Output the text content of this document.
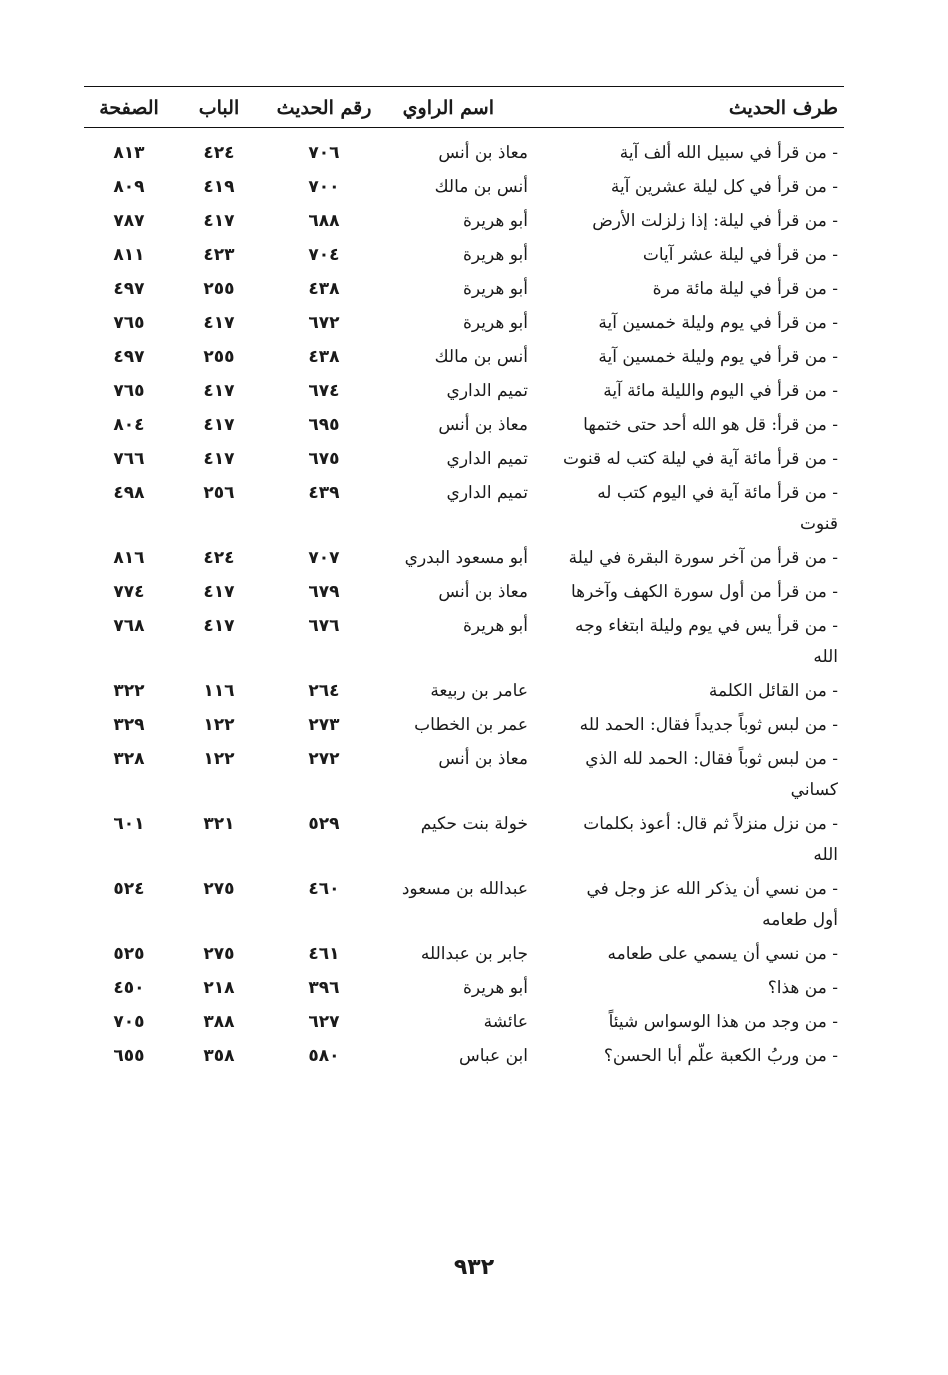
طرف الحديث	اسم الراوي	رقم الحديث	الباب	الصفحة

- من قرأ في سبيل الله ألف آية	معاذ بن أنس	٧٠٦	٤٢٤	٨١٣
- من قرأ في كل ليلة عشرين آية	أنس بن مالك	٧٠٠	٤١٩	٨٠٩
- من قرأ في ليلة: إذا زلزلت الأرض	أبو هريرة	٦٨٨	٤١٧	٧٨٧
- من قرأ في ليلة عشر آيات	أبو هريرة	٧٠٤	٤٢٣	٨١١
- من قرأ في ليلة مائة مرة	أبو هريرة	٤٣٨	٢٥٥	٤٩٧
- من قرأ في يوم وليلة خمسين آية	أبو هريرة	٦٧٢	٤١٧	٧٦٥
- من قرأ في يوم وليلة خمسين آية	أنس بن مالك	٤٣٨	٢٥٥	٤٩٧
- من قرأ في اليوم والليلة مائة آية	تميم الداري	٦٧٤	٤١٧	٧٦٥
- من قرأ: قل هو الله أحد حتى ختمها	معاذ بن أنس	٦٩٥	٤١٧	٨٠٤
- من قرأ مائة آية في ليلة كتب له قنوت	تميم الداري	٦٧٥	٤١٧	٧٦٦
- من قرأ مائة آية في اليوم كتب له قنوت	تميم الداري	٤٣٩	٢٥٦	٤٩٨
- من قرأ من آخر سورة البقرة في ليلة	أبو مسعود البدري	٧٠٧	٤٢٤	٨١٦
- من قرأ من أول سورة الكهف وآخرها	معاذ بن أنس	٦٧٩	٤١٧	٧٧٤
- من قرأ يس في يوم وليلة ابتغاء وجه الله	أبو هريرة	٦٧٦	٤١٧	٧٦٨
- من القائل الكلمة	عامر بن ربيعة	٢٦٤	١١٦	٣٢٢
- من لبس ثوباً جديداً فقال: الحمد لله	عمر بن الخطاب	٢٧٣	١٢٢	٣٢٩
- من لبس ثوباً فقال: الحمد لله الذي كساني	معاذ بن أنس	٢٧٢	١٢٢	٣٢٨
- من نزل منزلاً ثم قال: أعوذ بكلمات الله	خولة بنت حكيم	٥٢٩	٣٢١	٦٠١
- من نسي أن يذكر الله عز وجل في أول طعامه	عبدالله بن مسعود	٤٦٠	٢٧٥	٥٢٤
- من نسي أن يسمي على طعامه	جابر بن عبدالله	٤٦١	٢٧٥	٥٢٥
- من هذا؟	أبو هريرة	٣٩٦	٢١٨	٤٥٠
- من وجد من هذا الوسواس شيئاً	عائشة	٦٢٧	٣٨٨	٧٠٥
- من وربُ الكعبة علّم أبا الحسن؟	ابن عباس	٥٨٠	٣٥٨	٦٥٥
٩٣٢
